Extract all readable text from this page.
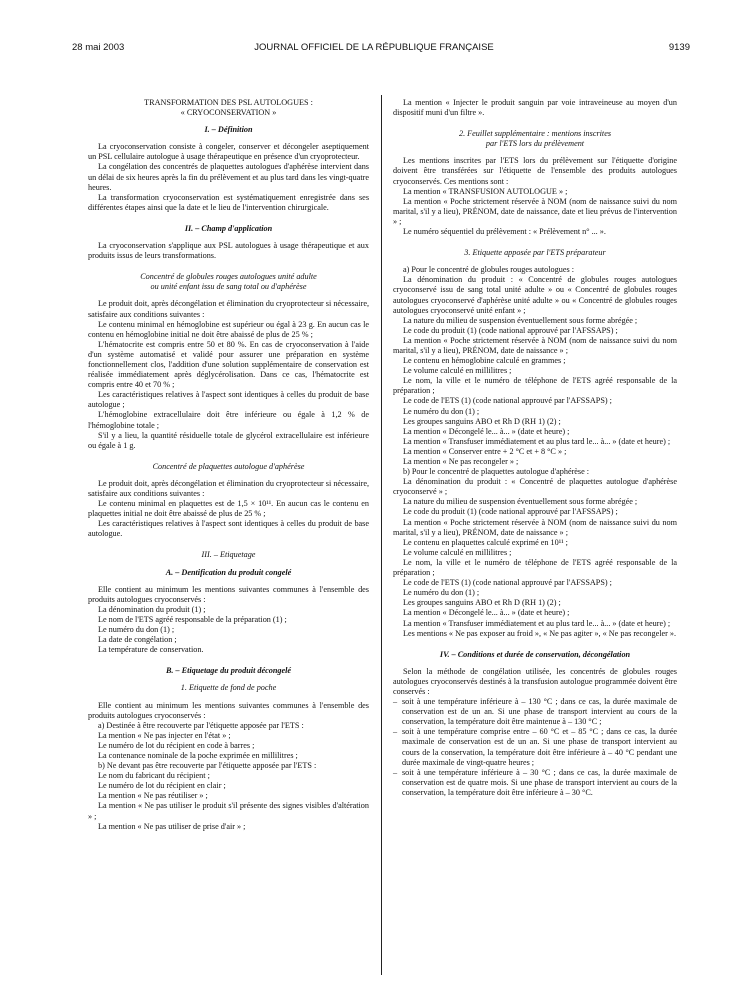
28 mai 2003	JOURNAL OFFICIEL DE LA RÉPUBLIQUE FRANÇAISE	9139

TRANSFORMATION DES PSL AUTOLOGUES :

« CRYOCONSERVATION »

I. – Définition

La cryoconservation consiste à congeler, conserver et décongeler aseptiquement un PSL cellulaire autologue à usage thérapeutique en présence d'un cryoprotecteur.

La congélation des concentrés de plaquettes autologues d'aphérèse intervient dans un délai de six heures après la fin du prélèvement et au plus tard dans les vingt-quatre heures.

La transformation cryoconservation est systématiquement enregistrée dans ses différentes étapes ainsi que la date et le lieu de l'intervention chirurgicale.

II. – Champ d'application

La cryoconservation s'applique aux PSL autologues à usage thérapeutique et aux produits issus de leurs transformations.

Concentré de globules rouges autologues unité adulte

ou unité enfant issu de sang total ou d'aphérèse

Le produit doit, après décongélation et élimination du cryoprotecteur si nécessaire, satisfaire aux conditions suivantes :

Le contenu minimal en hémoglobine est supérieur ou égal à 23 g. En aucun cas le contenu en hémoglobine initial ne doit être abaissé de plus de 25 % ;

L'hématocrite est compris entre 50 et 80 %. En cas de cryoconservation à l'aide d'un système automatisé et validé pour assurer une préparation en système fonctionnellement clos, l'addition d'une solution supplémentaire de conservation est réalisée immédiatement après déglycérolisation. Dans ce cas, l'hématocrite est compris entre 40 et 70 % ;

Les caractéristiques relatives à l'aspect sont identiques à celles du produit de base autologue ;

L'hémoglobine extracellulaire doit être inférieure ou égale à 1,2 % de l'hémoglobine totale ;

S'il y a lieu, la quantité résiduelle totale de glycérol extracellulaire est inférieure ou égale à 1 g.

Concentré de plaquettes autologue d'aphérèse

Le produit doit, après décongélation et élimination du cryoprotecteur si nécessaire, satisfaire aux conditions suivantes :

Le contenu minimal en plaquettes est de 1,5 × 10¹¹. En aucun cas le contenu en plaquettes initial ne doit être abaissé de plus de 25 % ;

Les caractéristiques relatives à l'aspect sont identiques à celles du produit de base autologue.

III. – Etiquetage

A. – Dentification du produit congelé

Elle contient au minimum les mentions suivantes communes à l'ensemble des produits autologues cryoconservés :

La dénomination du produit (1) ;

Le nom de l'ETS agréé responsable de la préparation (1) ;

Le numéro du don (1) ;

La date de congélation ;

La température de conservation.

B. – Etiquetage du produit décongelé

1. Etiquette de fond de poche

Elle contient au minimum les mentions suivantes communes à l'ensemble des produits autologues cryoconservés :

a) Destinée à être recouverte par l'étiquette apposée par l'ETS :

La mention « Ne pas injecter en l'état » ;

Le numéro de lot du récipient en code à barres ;

La contenance nominale de la poche exprimée en millilitres ;

b) Ne devant pas être recouverte par l'étiquette apposée par l'ETS :

Le nom du fabricant du récipient ;

Le numéro de lot du récipient en clair ;

La mention « Ne pas réutiliser » ;

La mention « Ne pas utiliser le produit s'il présente des signes visibles d'altération » ;

La mention « Ne pas utiliser de prise d'air » ;

La mention « Injecter le produit sanguin par voie intraveineuse au moyen d'un dispositif muni d'un filtre ».

2. Feuillet supplémentaire : mentions inscrites

par l'ETS lors du prélèvement

Les mentions inscrites par l'ETS lors du prélèvement sur l'étiquette d'origine doivent être transférées sur l'étiquette de l'ensemble des produits autologues cryoconservés. Ces mentions sont :

La mention « TRANSFUSION AUTOLOGUE » ;

La mention « Poche strictement réservée à NOM (nom de naissance suivi du nom marital, s'il y a lieu), PRÉNOM, date de naissance, date et lieu prévus de l'intervention » ;

Le numéro séquentiel du prélèvement : « Prélèvement n° ... ».

3. Etiquette apposée par l'ETS préparateur

a) Pour le concentré de globules rouges autologues :

La dénomination du produit : « Concentré de globules rouges autologues cryoconservé issu de sang total unité adulte » ou « Concentré de globules rouges autologues cryoconservé d'aphérèse unité adulte » ou « Concentré de globules rouges autologues cryoconservé unité enfant » ;

La nature du milieu de suspension éventuellement sous forme abrégée ;

Le code du produit (1) (code national approuvé par l'AFSSAPS) ;

La mention « Poche strictement réservée à NOM (nom de naissance suivi du nom marital, s'il y a lieu), PRÉNOM, date de naissance » ;

Le contenu en hémoglobine calculé en grammes ;

Le volume calculé en millilitres ;

Le nom, la ville et le numéro de téléphone de l'ETS agréé responsable de la préparation ;

Le code de l'ETS (1) (code national approuvé par l'AFSSAPS) ;

Le numéro du don (1) ;

Les groupes sanguins ABO et Rh D (RH 1) (2) ;

La mention « Décongelé le... à... » (date et heure) ;

La mention « Transfuser immédiatement et au plus tard le... à... » (date et heure) ;

La mention « Conserver entre + 2 °C et + 8 °C » ;

La mention « Ne pas recongeler » ;

b) Pour le concentré de plaquettes autologue d'aphérèse :

La dénomination du produit : « Concentré de plaquettes autologue d'aphérèse cryoconservé » ;

La nature du milieu de suspension éventuellement sous forme abrégée ;

Le code du produit (1) (code national approuvé par l'AFSSAPS) ;

La mention « Poche strictement réservée à NOM (nom de naissance suivi du nom marital, s'il y a lieu), PRÉNOM, date de naissance » ;

Le contenu en plaquettes calculé exprimé en 10¹¹ ;

Le volume calculé en millilitres ;

Le nom, la ville et le numéro de téléphone de l'ETS agréé responsable de la préparation ;

Le code de l'ETS (1) (code national approuvé par l'AFSSAPS) ;

Le numéro du don (1) ;

Les groupes sanguins ABO et Rh D (RH 1) (2) ;

La mention « Décongelé le... à... » (date et heure) ;

La mention « Transfuser immédiatement et au plus tard le... à... » (date et heure) ;

Les mentions « Ne pas exposer au froid », « Ne pas agiter », « Ne pas recongeler ».

IV. – Conditions et durée de conservation, décongélation

Selon la méthode de congélation utilisée, les concentrés de globules rouges autologues cryoconservés destinés à la transfusion autologue programmée doivent être conservés :

– soit à une température inférieure à – 130 °C ; dans ce cas, la durée maximale de conservation est de un an. Si une phase de transport intervient au cours de la conservation, la température doit être maintenue à – 130 °C ;
– soit à une température comprise entre – 60 °C et – 85 °C ; dans ce cas, la durée maximale de conservation est de un an. Si une phase de transport intervient au cours de la conservation, la température doit être inférieure à – 40 °C pendant une durée maximale de vingt-quatre heures ;
– soit à une température inférieure à – 30 °C ; dans ce cas, la durée maximale de conservation est de quatre mois. Si une phase de transport intervient au cours de la conservation, la température doit être inférieure à – 30 °C.
